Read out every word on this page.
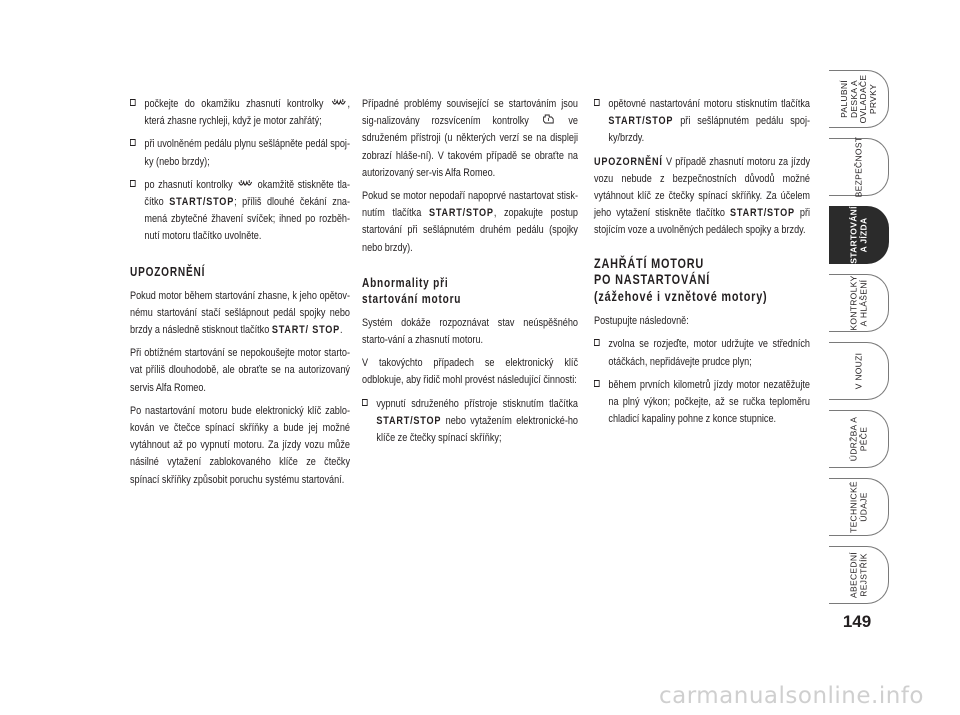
počkejte do okamžiku zhasnutí kontrolky , která zhasne rychleji, když je motor zahřátý;
při uvolněném pedálu plynu sešlápněte pedál spoj-ky (nebo brzdy);
po zhasnutí kontrolky  okamžitě stiskněte tla-čítko START/STOP; příliš dlouhé čekání zna-mená zbytečné žhavení svíček; ihned po rozběh-nutí motoru tlačítko uvolněte.
UPOZORNĚNÍ

Pokud motor během startování zhasne, k jeho opětov-nému startování stačí sešlápnout pedál spojky nebo brzdy a následně stisknout tlačítko START/ STOP.

Při obtížném startování se nepokoušejte motor starto-vat příliš dlouhodobě, ale obraťte se na autorizovaný servis Alfa Romeo.

Po nastartování motoru bude elektronický klíč zablo-kován ve čtečce spínací skříňky a bude jej možné vytáhnout až po vypnutí motoru. Za jízdy vozu může násilné vytažení zablokovaného klíče ze čtečky spínací skříňky způsobit poruchu systému startování.

Případné problémy související se startováním jsou sig-nalizovány rozsvícením kontrolky  ve sdruženém přístroji (u některých verzí se na displeji zobrazí hláše-ní). V takovém případě se obraťte na autorizovaný ser-vis Alfa Romeo.

Pokud se motor nepodaří napoprvé nastartovat stisk-nutím tlačítka START/STOP, zopakujte postup startování při sešlápnutém druhém pedálu (spojky nebo brzdy).

Abnormality při
startování motoru

Systém dokáže rozpoznávat stav neúspěšného starto-vání a zhasnutí motoru.

V takovýchto případech se elektronický klíč odblokuje, aby řidič mohl provést následující činnosti:

vypnutí sdruženého přístroje stisknutím tlačítka START/STOP nebo vytažením elektronické-ho klíče ze čtečky spínací skříňky;
opětovné nastartování motoru stisknutím tlačítka START/STOP při sešlápnutém pedálu spoj-ky/brzdy.

UPOZORNĚNÍ V případě zhasnutí motoru za jízdy vozu nebude z bezpečnostních důvodů možné vytáhnout klíč ze čtečky spínací skříňky. Za účelem jeho vytažení stiskněte tlačítko START/STOP při stojícím voze a uvolněných pedálech spojky a brzdy.

ZAHŘÁTÍ MOTORU
PO NASTARTOVÁNÍ
(zážehové i vznětové motory)

Postupujte následovně:

zvolna se rozjeďte, motor udržujte ve středních otáčkách, nepřidávejte prudce plyn;
během prvních kilometrů jízdy motor nezatěžujte na plný výkon; počkejte, až se ručka teploměru chladicí kapaliny pohne z konce stupnice.
PALUBNÍ DESKA A OVLADAČE PRVKY
BEZPEČNOST
STARTOVÁNÍ A JÍZDA
KONTROLKY A HLÁŠENÍ
V NOUZI
ÚDRŽBA A PÉČE
TECHNICKÉ ÚDAJE
ABECEDNÍ REJSTŘÍK
149
carmanualsonline.info
